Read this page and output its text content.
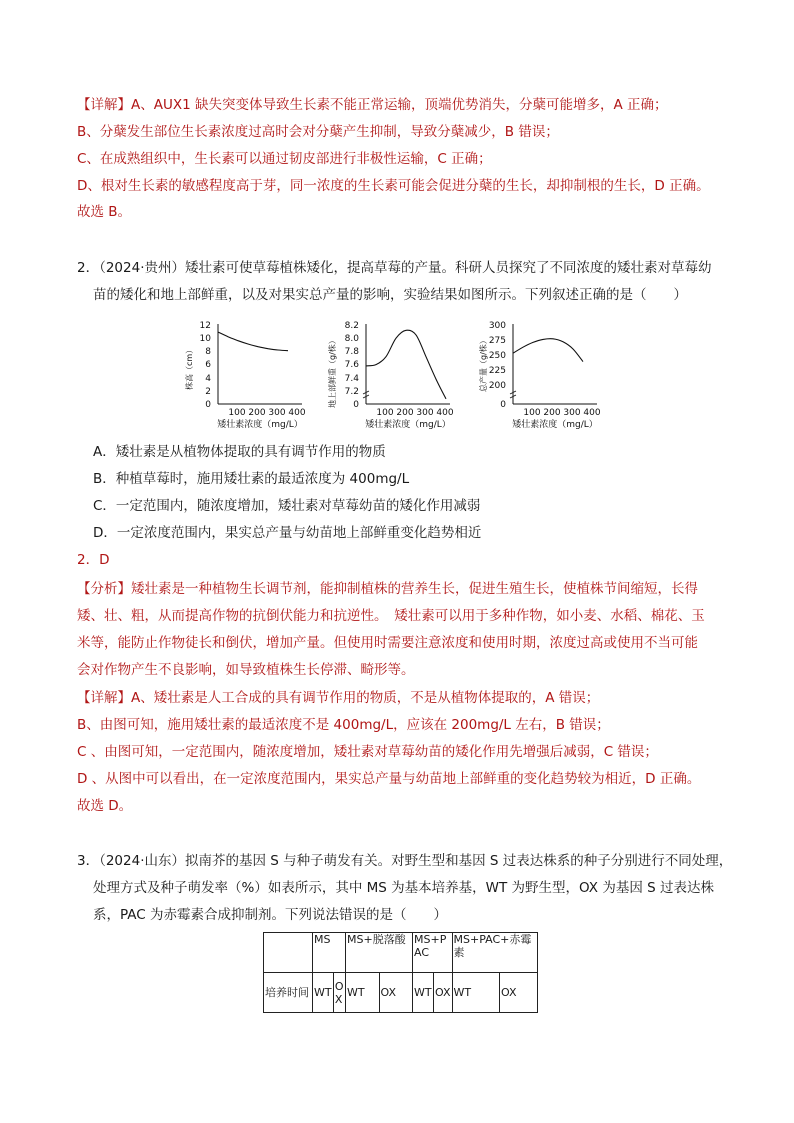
【详解】A、AUX1 缺失突变体导致生长素不能正常运输，顶端优势消失，分蘖可能增多，A 正确；
B、分蘖发生部位生长素浓度过高时会对分蘖产生抑制，导致分蘖减少，B 错误；
C、在成熟组织中，生长素可以通过韧皮部进行非极性运输，C 正确；
D、根对生长素的敏感程度高于芽，同一浓度的生长素可能会促进分蘖的生长，却抑制根的生长，D 正确。
故选 B。
2．（2024·贵州）矮壮素可使草莓植株矮化，提高草莓的产量。科研人员探究了不同浓度的矮壮素对草莓幼
苗的矮化和地上部鲜重，以及对果实总产量的影响，实验结果如图所示。下列叙述正确的是（　　）
株高（cm）
0
2
4
6
8
10
12
100 200 300 400
矮壮素浓度（mg/L）
地上部鲜重（g/株） 0
7.2
7.4
7.6
7.8
8.0
8.2
100 200 300 400
矮壮素浓度（mg/L）
总产量（g/株）
0
200
225
250
275
300
100 200 300 400
矮壮素浓度（mg/L）
A．矮壮素是从植物体提取的具有调节作用的物质
B．种植草莓时，施用矮壮素的最适浓度为 400mg/L
C．一定范围内，随浓度增加，矮壮素对草莓幼苗的矮化作用减弱
D．一定浓度范围内，果实总产量与幼苗地上部鲜重变化趋势相近
2．D
【分析】矮壮素是一种植物生长调节剂，能抑制植株的营养生长，促进生殖生长，使植株节间缩短，长得
矮、壮、粗，从而提高作物的抗倒伏能力和抗逆性。　矮壮素可以用于多种作物，如小麦、水稻、棉花、玉
米等，能防止作物徒长和倒伏，增加产量。但使用时需要注意浓度和使用时期，浓度过高或使用不当可能
会对作物产生不良影响，如导致植株生长停滞、畸形等。
【详解】A、矮壮素是人工合成的具有调节作用的物质，不是从植物体提取的，A 错误；
B、由图可知，施用矮壮素的最适浓度不是 400mg/L，应该在 200mg/L 左右，B 错误；
C 、由图可知，一定范围内，随浓度增加，矮壮素对草莓幼苗的矮化作用先增强后减弱，C 错误；
D 、从图中可以看出，在一定浓度范围内，果实总产量与幼苗地上部鲜重的变化趋势较为相近，D 正确。
故选 D。
3．（2024·山东）拟南芥的基因 S 与种子萌发有关。对野生型和基因 S 过表达株系的种子分别进行不同处理，
处理方式及种子萌发率（%）如表所示，其中 MS 为基本培养基，WT 为野生型，OX 为基因 S 过表达株
系，PAC 为赤霉素合成抑制剂。下列说法错误的是（　　）
	MS		MS+脱落酸		MS+PAC		MS+PAC+赤霉素	
培养时间	WT	OX	WT	OX	WT	OX	WT	OX
